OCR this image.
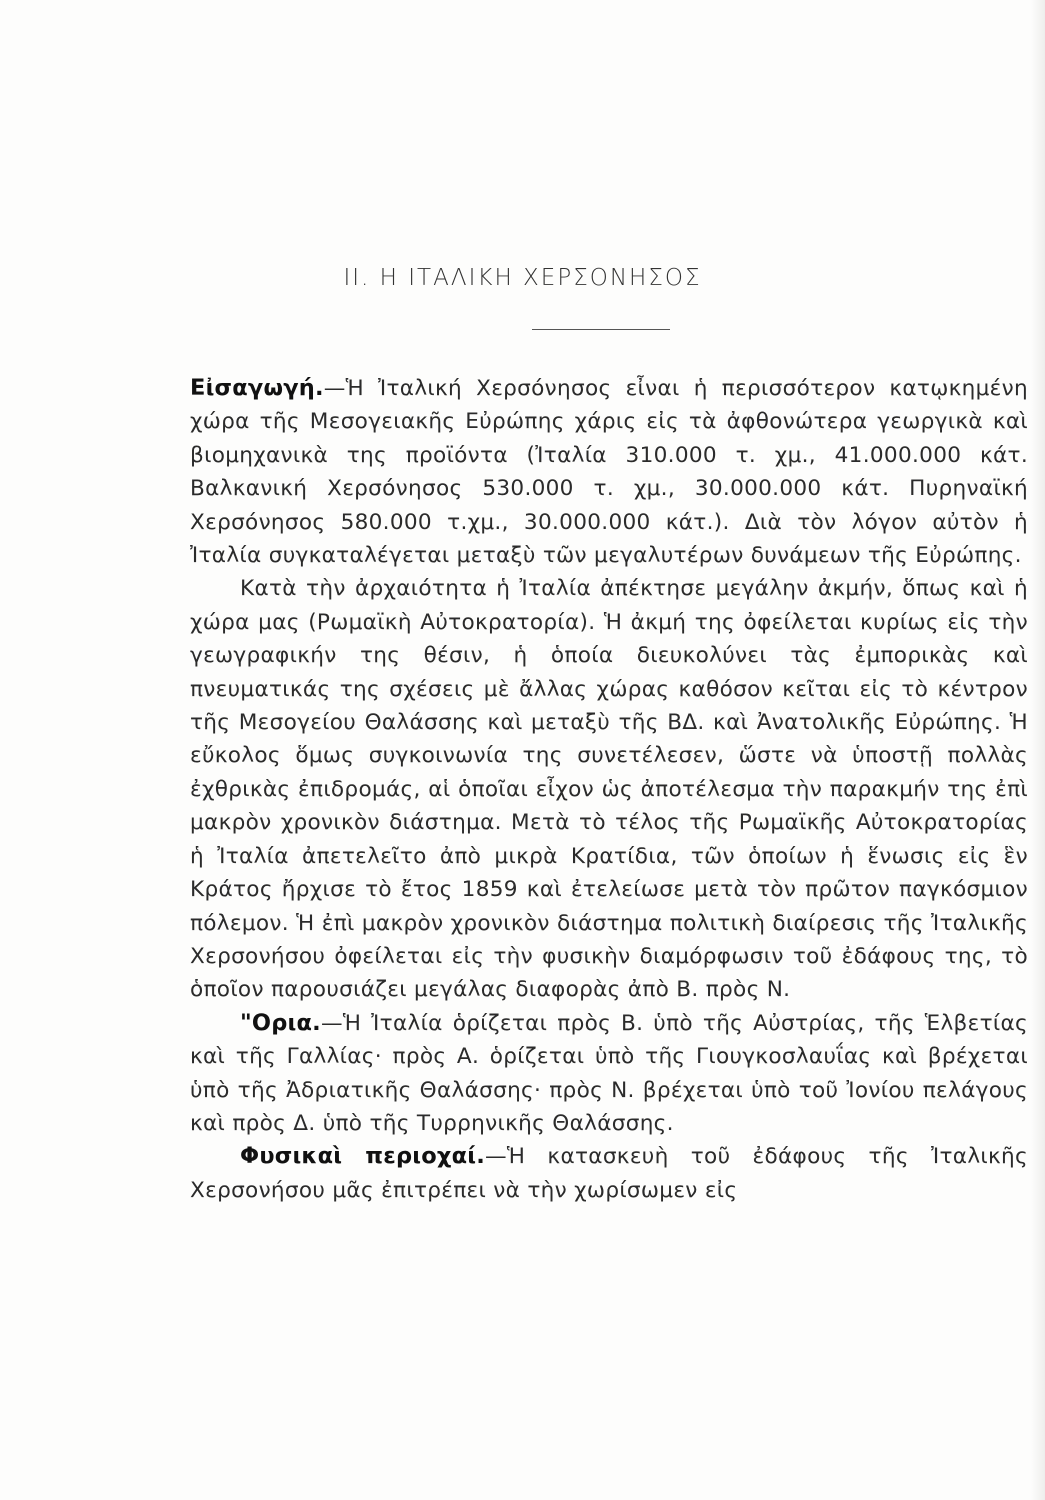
ΙΙ. Η ΙΤΑΛΙΚΗ ΧΕΡΣΟΝΗΣΟΣ

Εἰσαγωγή.—Ἡ Ἰταλική Χερσόνησος εἶναι ἡ περισσότερον κατῳκημένη χώρα τῆς Μεσογειακῆς Εὐρώπης χάρις εἰς τὰ ἀφθονώτερα γεωργικὰ καὶ βιομηχανικὰ της προϊόντα (Ἰταλία 310.000 τ. χμ., 41.000.000 κάτ. Βαλκανική Χερσόνησος 530.000 τ. χμ., 30.000.000 κάτ. Πυρηναϊκή Χερσόνησος 580.000 τ.χμ., 30.000.000 κάτ.). Διὰ τὸν λόγον αὐτὸν ἡ Ἰταλία συγκαταλέγεται μεταξὺ τῶν μεγαλυτέρων δυνάμεων τῆς Εὐρώπης.

Κατὰ τὴν ἀρχαιότητα ἡ Ἰταλία ἀπέκτησε μεγάλην ἀκμήν, ὅπως καὶ ἡ χώρα μας (Ρωμαϊκὴ Αὐτοκρατορία). Ἡ ἀκμή της ὀφείλεται κυρίως εἰς τὴν γεωγραφικήν της θέσιν, ἡ ὁποία διευκολύνει τὰς ἐμπορικὰς καὶ πνευματικάς της σχέσεις μὲ ἄλλας χώρας καθόσον κεῖται εἰς τὸ κέντρον τῆς Μεσογείου Θαλάσσης καὶ μεταξὺ τῆς ΒΔ. καὶ Ἀνατολικῆς Εὐρώπης. Ἡ εὔκολος ὅμως συγκοινωνία της συνετέλεσεν, ὥστε νὰ ὑποστῇ πολλὰς ἐχθρικὰς ἐπιδρομάς, αἱ ὁποῖαι εἶχον ὡς ἀποτέλεσμα τὴν παρακμήν της ἐπὶ μακρὸν χρονικὸν διάστημα. Μετὰ τὸ τέλος τῆς Ρωμαϊκῆς Αὐτοκρατορίας ἡ Ἰταλία ἀπετελεῖτο ἀπὸ μικρὰ Κρατίδια, τῶν ὁποίων ἡ ἕνωσις εἰς ἓν Κράτος ἤρχισε τὸ ἔτος 1859 καὶ ἐτελείωσε μετὰ τὸν πρῶτον παγκόσμιον πόλεμον. Ἡ ἐπὶ μακρὸν χρονικὸν διάστημα πολιτικὴ διαίρεσις τῆς Ἰταλικῆς Χερσονήσου ὀφείλεται εἰς τὴν φυσικὴν διαμόρφωσιν τοῦ ἐδάφους της, τὸ ὁποῖον παρουσιάζει μεγάλας διαφορὰς ἀπὸ Β. πρὸς Ν.

"Ορια.—Ἡ Ἰταλία ὁρίζεται πρὸς Β. ὑπὸ τῆς Αὐστρίας, τῆς Ἑλβετίας καὶ τῆς Γαλλίας· πρὸς Α. ὁρίζεται ὑπὸ τῆς Γιουγκοσλαυΐας καὶ βρέχεται ὑπὸ τῆς Ἀδριατικῆς Θαλάσσης· πρὸς Ν. βρέχεται ὑπὸ τοῦ Ἰονίου πελάγους καὶ πρὸς Δ. ὑπὸ τῆς Τυρρηνικῆς Θαλάσσης.

Φυσικαὶ περιοχαί.—Ἡ κατασκευὴ τοῦ ἐδάφους τῆς Ἰταλικῆς Χερσονήσου μᾶς ἐπιτρέπει νὰ τὴν χωρίσωμεν εἰς
